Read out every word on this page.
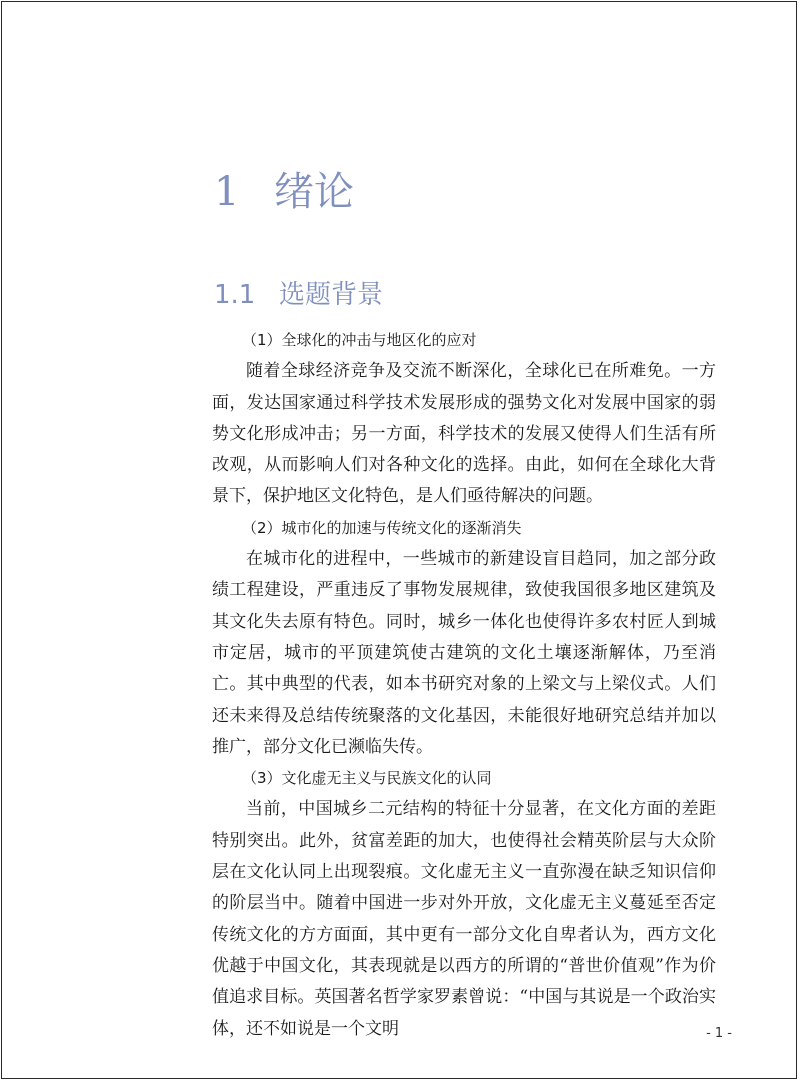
1 绪论
1.1 选题背景

（1）全球化的冲击与地区化的应对

随着全球经济竞争及交流不断深化，全球化已在所难免。一方面，发达国家通过科学技术发展形成的强势文化对发展中国家的弱势文化形成冲击；另一方面，科学技术的发展又使得人们生活有所改观，从而影响人们对各种文化的选择。由此，如何在全球化大背景下，保护地区文化特色，是人们亟待解决的问题。

（2）城市化的加速与传统文化的逐渐消失

在城市化的进程中，一些城市的新建设盲目趋同，加之部分政绩工程建设，严重违反了事物发展规律，致使我国很多地区建筑及其文化失去原有特色。同时，城乡一体化也使得许多农村匠人到城市定居，城市的平顶建筑使古建筑的文化土壤逐渐解体，乃至消亡。其中典型的代表，如本书研究对象的上梁文与上梁仪式。人们还未来得及总结传统聚落的文化基因，未能很好地研究总结并加以推广，部分文化已濒临失传。

（3）文化虚无主义与民族文化的认同

当前，中国城乡二元结构的特征十分显著，在文化方面的差距特别突出。此外，贫富差距的加大，也使得社会精英阶层与大众阶层在文化认同上出现裂痕。文化虚无主义一直弥漫在缺乏知识信仰的阶层当中。随着中国进一步对外开放，文化虚无主义蔓延至否定传统文化的方方面面，其中更有一部分文化自卑者认为，西方文化优越于中国文化，其表现就是以西方的所谓的“普世价值观”作为价值追求目标。英国著名哲学家罗素曾说：“中国与其说是一个政治实体，还不如说是一个文明	- 1 -
